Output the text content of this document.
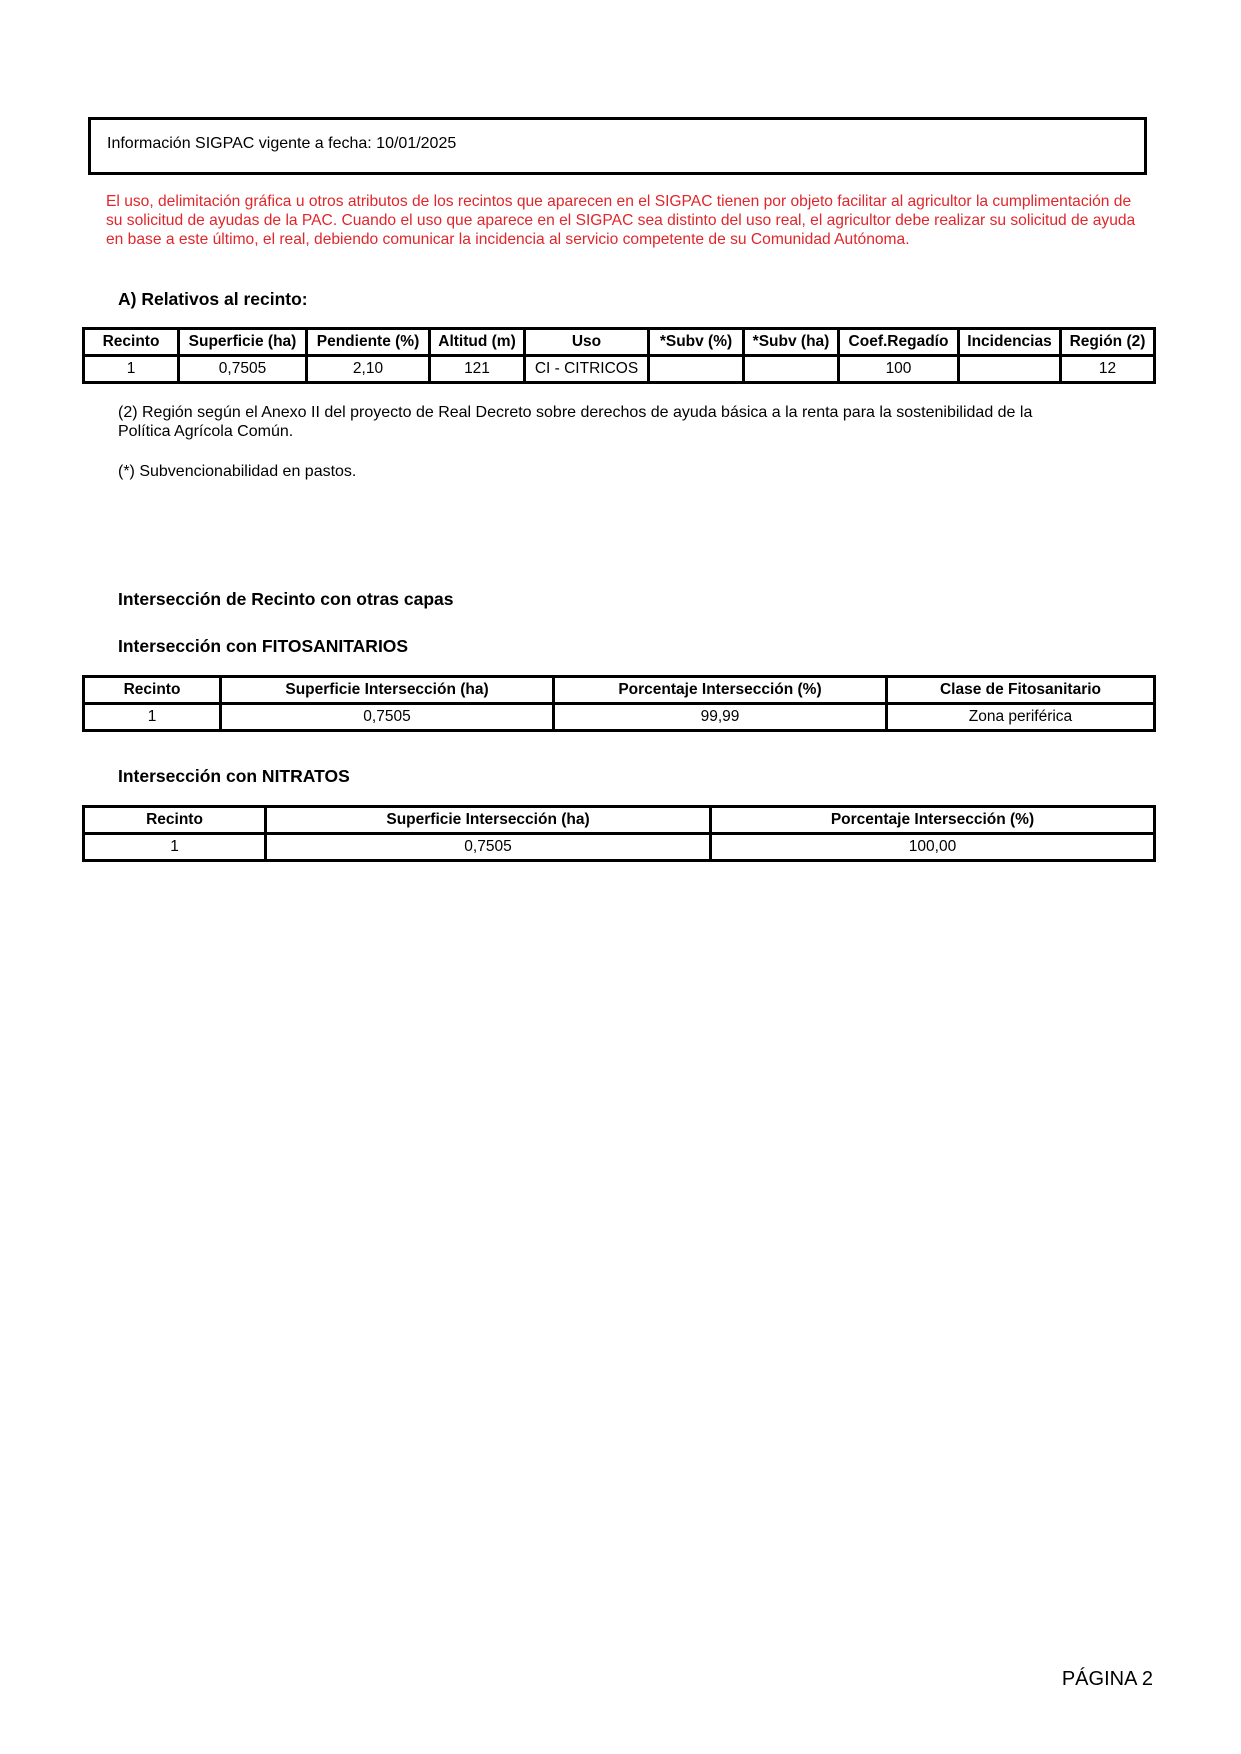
Información SIGPAC vigente a fecha: 10/01/2025
El uso, delimitación gráfica u otros atributos de los recintos que aparecen en el SIGPAC tienen por objeto facilitar al agricultor la cumplimentación de su solicitud de ayudas de la PAC. Cuando el uso que aparece en el SIGPAC sea distinto del uso real, el agricultor debe realizar su solicitud de ayuda en base a este último, el real, debiendo comunicar la incidencia al servicio competente de su Comunidad Autónoma.
A) Relativos al recinto:
Recinto	Superficie (ha)	Pendiente (%)	Altitud (m)	Uso	*Subv (%)	*Subv (ha)	Coef.Regadío	Incidencias	Región (2)
1	0,7505	2,10	121	CI - CITRICOS			100		12
(2) Región según el Anexo II del proyecto de Real Decreto sobre derechos de ayuda básica a la renta para la sostenibilidad de la Política Agrícola Común.
(*) Subvencionabilidad en pastos.
Intersección de Recinto con otras capas
Intersección con FITOSANITARIOS
Recinto	Superficie Intersección (ha)	Porcentaje Intersección (%)	Clase de Fitosanitario
1	0,7505	99,99	Zona periférica
Intersección con NITRATOS
Recinto	Superficie Intersección (ha)	Porcentaje Intersección (%)
1	0,7505	100,00
PÁGINA 2
